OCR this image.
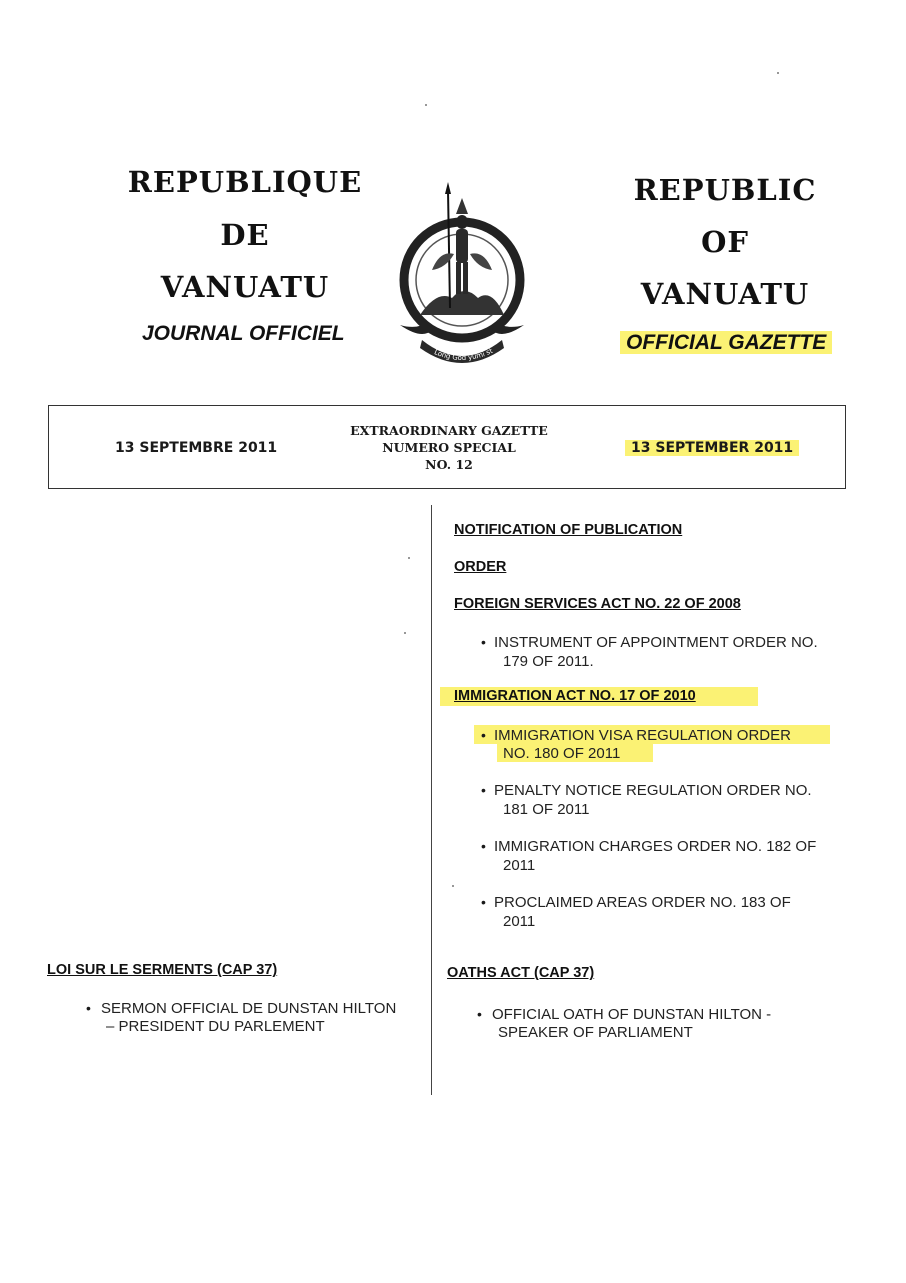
REPUBLIQUE
DE
VANUATU
JOURNAL OFFICIEL
REPUBLIC
OF
VANUATU
OFFICIAL GAZETTE
Long God yumi st
13 SEPTEMBRE 2011
EXTRAORDINARY GAZETTE
NUMERO SPECIAL
NO. 12
13 SEPTEMBER 2011
NOTIFICATION OF PUBLICATION
ORDER
FOREIGN SERVICES ACT NO. 22 OF 2008
• INSTRUMENT OF APPOINTMENT ORDER NO.
179 OF 2011.
IMMIGRATION ACT NO. 17 OF 2010
• IMMIGRATION VISA REGULATION ORDER
NO. 180 OF 2011
• PENALTY NOTICE REGULATION ORDER NO.
181 OF 2011
• IMMIGRATION CHARGES ORDER NO. 182 OF
2011
• PROCLAIMED AREAS ORDER NO. 183 OF
2011
OATHS ACT (CAP 37)
• OFFICIAL OATH OF DUNSTAN HILTON -
SPEAKER OF PARLIAMENT
LOI SUR LE SERMENTS (CAP 37)
• SERMON OFFICIAL DE DUNSTAN HILTON
– PRESIDENT DU PARLEMENT
